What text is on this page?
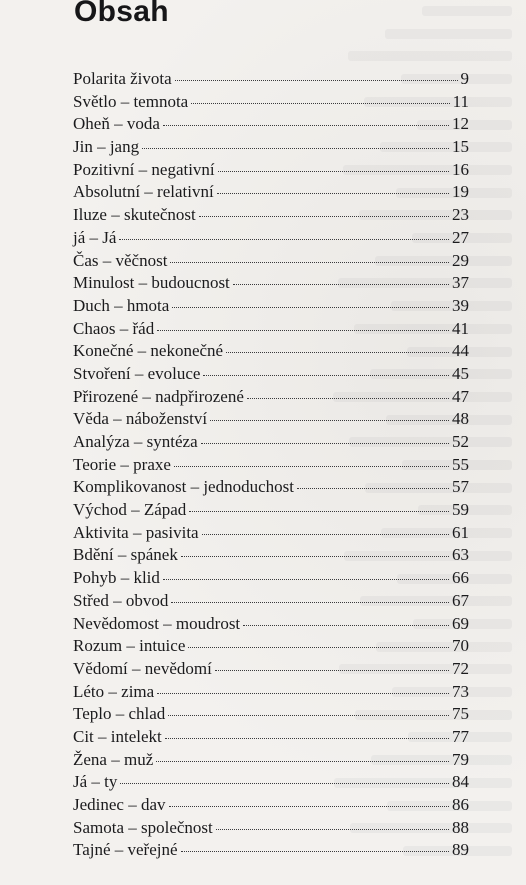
Obsah
Polarita života	9
Světlo – temnota	11
Oheň – voda	12
Jin – jang	15
Pozitivní – negativní	16
Absolutní – relativní	19
Iluze – skutečnost	23
já – Já	27
Čas – věčnost	29
Minulost – budoucnost	37
Duch – hmota	39
Chaos – řád	41
Konečné – nekonečné	44
Stvoření – evoluce	45
Přirozené – nadpřirozené	47
Věda – náboženství	48
Analýza – syntéza	52
Teorie – praxe	55
Komplikovanost – jednoduchost	57
Východ – Západ	59
Aktivita – pasivita	61
Bdění – spánek	63
Pohyb – klid	66
Střed – obvod	67
Nevědomost – moudrost	69
Rozum – intuice	70
Vědomí – nevědomí	72
Léto – zima	73
Teplo – chlad	75
Cit – intelekt	77
Žena – muž	79
Já – ty	84
Jedinec – dav	86
Samota – společnost	88
Tajné – veřejné	89
